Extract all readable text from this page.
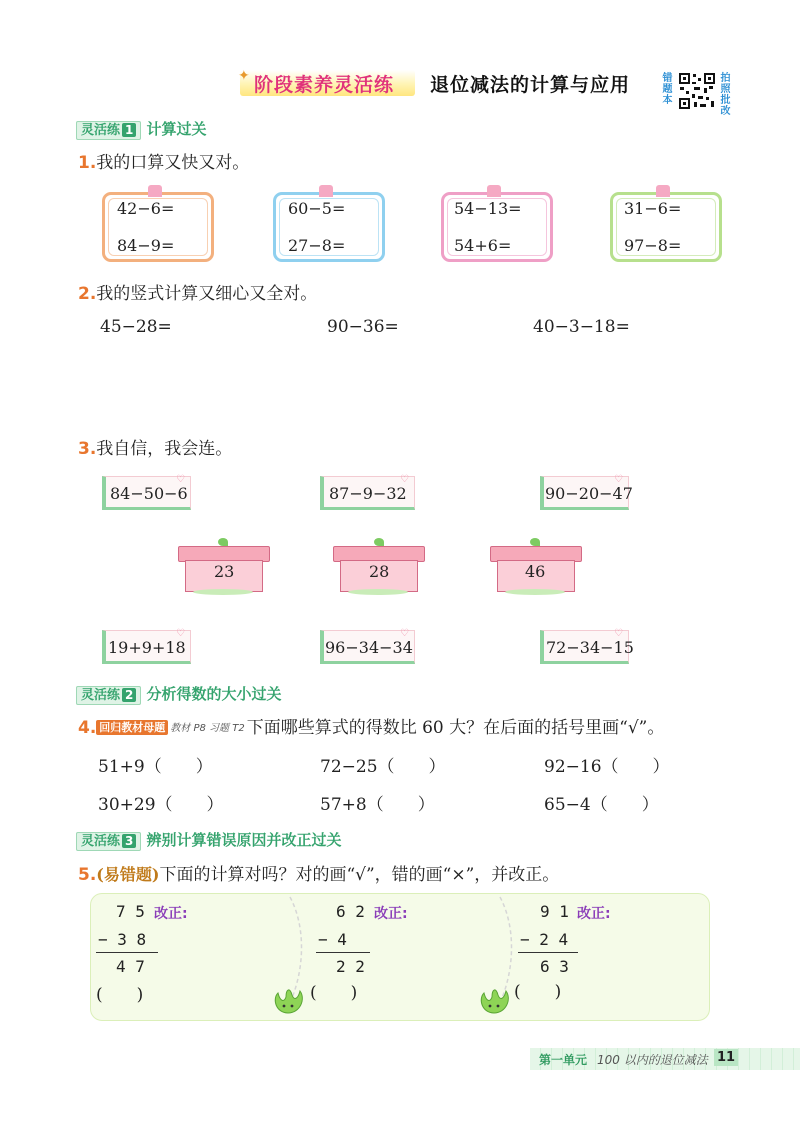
✦ 阶段素养灵活练 退位减法的计算与应用	错
题
本
拍
照
批
改
灵活练 1 计算过关
1.我的口算又快又对。
42−6=
84−9=
60−5=
27−8=
54−13=
54+6=
31−6=
97−8=
2.我的竖式计算又细心又全对。
45−28=	90−36=	40−3−18=
3.我自信，我会连。
84−50−6
♡
87−9−32
♡
90−20−47
♡
23	28	46
19+9+18
♡
96−34−34
♡
72−34−15
♡
灵活练 2 分析得数的大小过关
4. 回归教材母题 教材 P8 习题 T2 下面哪些算式的得数比 60 大？在后面的括号里画“√”。
51+9（　　）	72−25（　　）	92−16（　　）
30+29（　　）	57+8（　　）	65−4（　　）
灵活练 3 辨别计算错误原因并改正过关
5.(易错题)下面的计算对吗？对的画“√”，错的画“×”，并改正。
7 5 改正:
− 3 8
4 7
(　　)
6 2 改正:
− 4
2 2
(　　)
9 1 改正:
− 2 4
6 3
(　　)
第一单元 100 以内的退位减法 11
